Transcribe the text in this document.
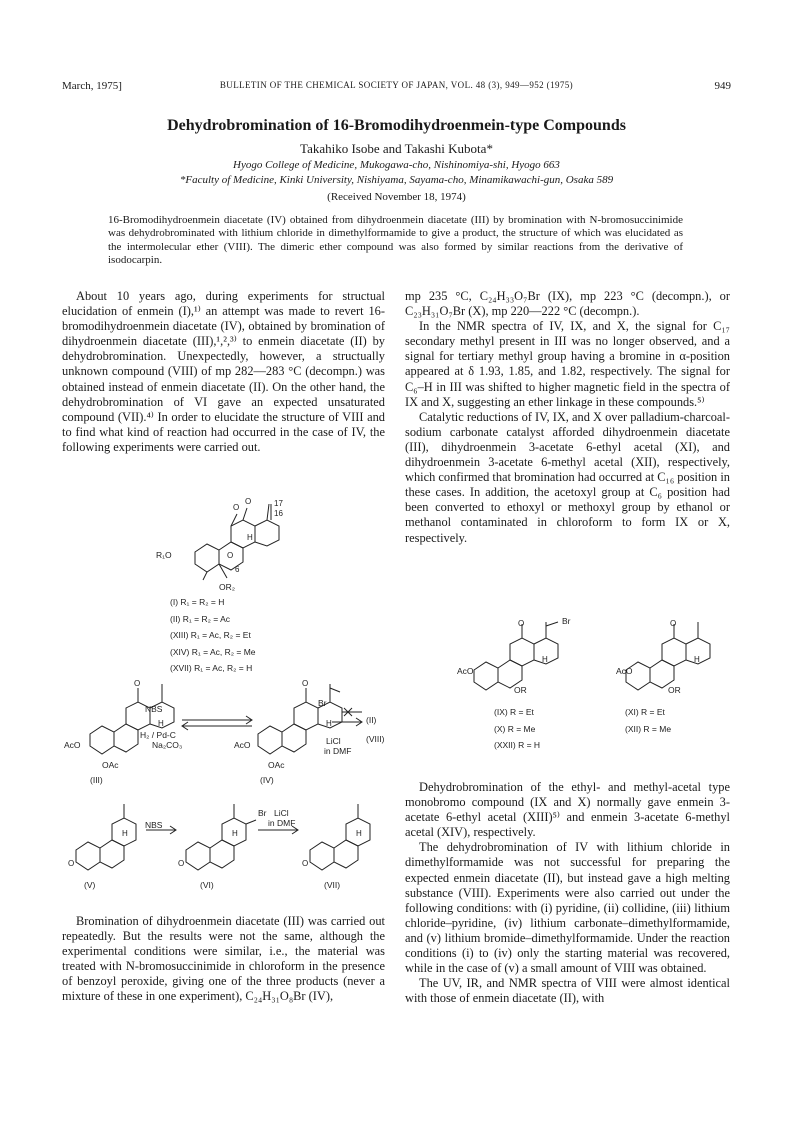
March, 1975]	BULLETIN OF THE CHEMICAL SOCIETY OF JAPAN, VOL. 48 (3), 949—952 (1975)	949
Dehydrobromination of 16-Bromodihydroenmein-type Compounds
Takahiko Isobe and Takashi Kubota*
Hyogo College of Medicine, Mukogawa-cho, Nishinomiya-shi, Hyogo 663
*Faculty of Medicine, Kinki University, Nishiyama, Sayama-cho, Minamikawachi-gun, Osaka 589
(Received November 18, 1974)
16-Bromodihydroenmein diacetate (IV) obtained from dihydroenmein diacetate (III) by bromination with N-bromosuccinimide was dehydrobrominated with lithium chloride in dimethylformamide to give a product, the structure of which was elucidated as the intermolecular ether (VIII). The dimeric ether compound was also formed by similar reactions from the derivative of isodocarpin.

About 10 years ago, during experiments for structual elucidation of enmein (I),¹⁾ an attempt was made to revert 16-bromodihydroenmein diacetate (IV), obtained by bromination of dihydroenmein diacetate (III),¹,²,³⁾ to enmein diacetate (II) by dehydrobromination. Unexpectedly, however, a structually unknown compound (VIII) of mp 282—283 °C (decompn.) was obtained instead of enmein diacetate (II). On the other hand, the dehydrobromination of VI gave an expected unsaturated compound (VII).⁴⁾ In order to elucidate the structure of VIII and to find what kind of reaction had occurred in the case of IV, the following experiments were carried out.

O
O	17
16
H
O
6
R₁O
OR₂
(I) R₁ = R₂ = H
(II) R₁ = R₂ = Ac
(XIII) R₁ = Ac, R₂ = Et
(XIV) R₁ = Ac, R₂ = Me
(XVII) R₁ = Ac, R₂ = H
O
H
O
H
NBS
H₂ / Pd-C
Na₂CO₃
AcO
OAc
AcO
OAc
Br
(II)
(VIII)
LiCl
in DMF
(III)	(IV)
O	O	O
H	H	H
NBS
Br LiCl
in DMF
(V)	(VI)	(VII)

Bromination of dihydroenmein diacetate (III) was carried out repeatedly. But the results were not the same, although the experimental conditions were similar, i.e., the material was treated with N-bromosuccinimide in chloroform in the presence of benzoyl peroxide, giving one of the three products (never a mixture of these in one experiment), C₂₄H₃₁O₈Br (IV),

mp 235 °C, C₂₄H₃₃O₇Br (IX), mp 223 °C (decompn.), or C₂₃H₃₁O₇Br (X), mp 220—222 °C (decompn.).

In the NMR spectra of IV, IX, and X, the signal for C₁₇ secondary methyl present in III was no longer observed, and a signal for tertiary methyl group having a bromine in α-position appeared at δ 1.93, 1.85, and 1.82, respectively. The signal for C₆–H in III was shifted to higher magnetic field in the spectra of IX and X, suggesting an ether linkage in these compounds.⁵⁾

Catalytic reductions of IV, IX, and X over palladium-charcoal-sodium carbonate catalyst afforded dihydroenmein diacetate (III), dihydroenmein 3-acetate 6-ethyl acetal (XI), and dihydroenmein 3-acetate 6-methyl acetal (XII), respectively, which confirmed that bromination had occurred at C₁₆ position in these cases. In addition, the acetoxyl group at C₆ position had been converted to ethoxyl or methoxyl group by ethanol or methanol contaminated in chloroform to form IX or X, respectively.

O	O
H	H
Br
AcO	AcO
OR	OR
(IX) R = Et
(X) R = Me
(XXII) R = H
(XI) R = Et
(XII) R = Me

Dehydrobromination of the ethyl- and methyl-acetal type monobromo compound (IX and X) normally gave enmein 3-acetate 6-ethyl acetal (XIII)⁵⁾ and enmein 3-acetate 6-methyl acetal (XIV), respectively.

The dehydrobromination of IV with lithium chloride in dimethylformamide was not successful for preparing the expected enmein diacetate (II), but instead gave a high melting substance (VIII). Experiments were also carried out under the following conditions: with (i) pyridine, (ii) collidine, (iii) lithium chloride–pyridine, (iv) lithium carbonate–dimethylformamide, and (v) lithium bromide–dimethylformamide. Under the reaction conditions (i) to (iv) only the starting material was recovered, while in the case of (v) a small amount of VIII was obtained.

The UV, IR, and NMR spectra of VIII were almost identical with those of enmein diacetate (II), with
